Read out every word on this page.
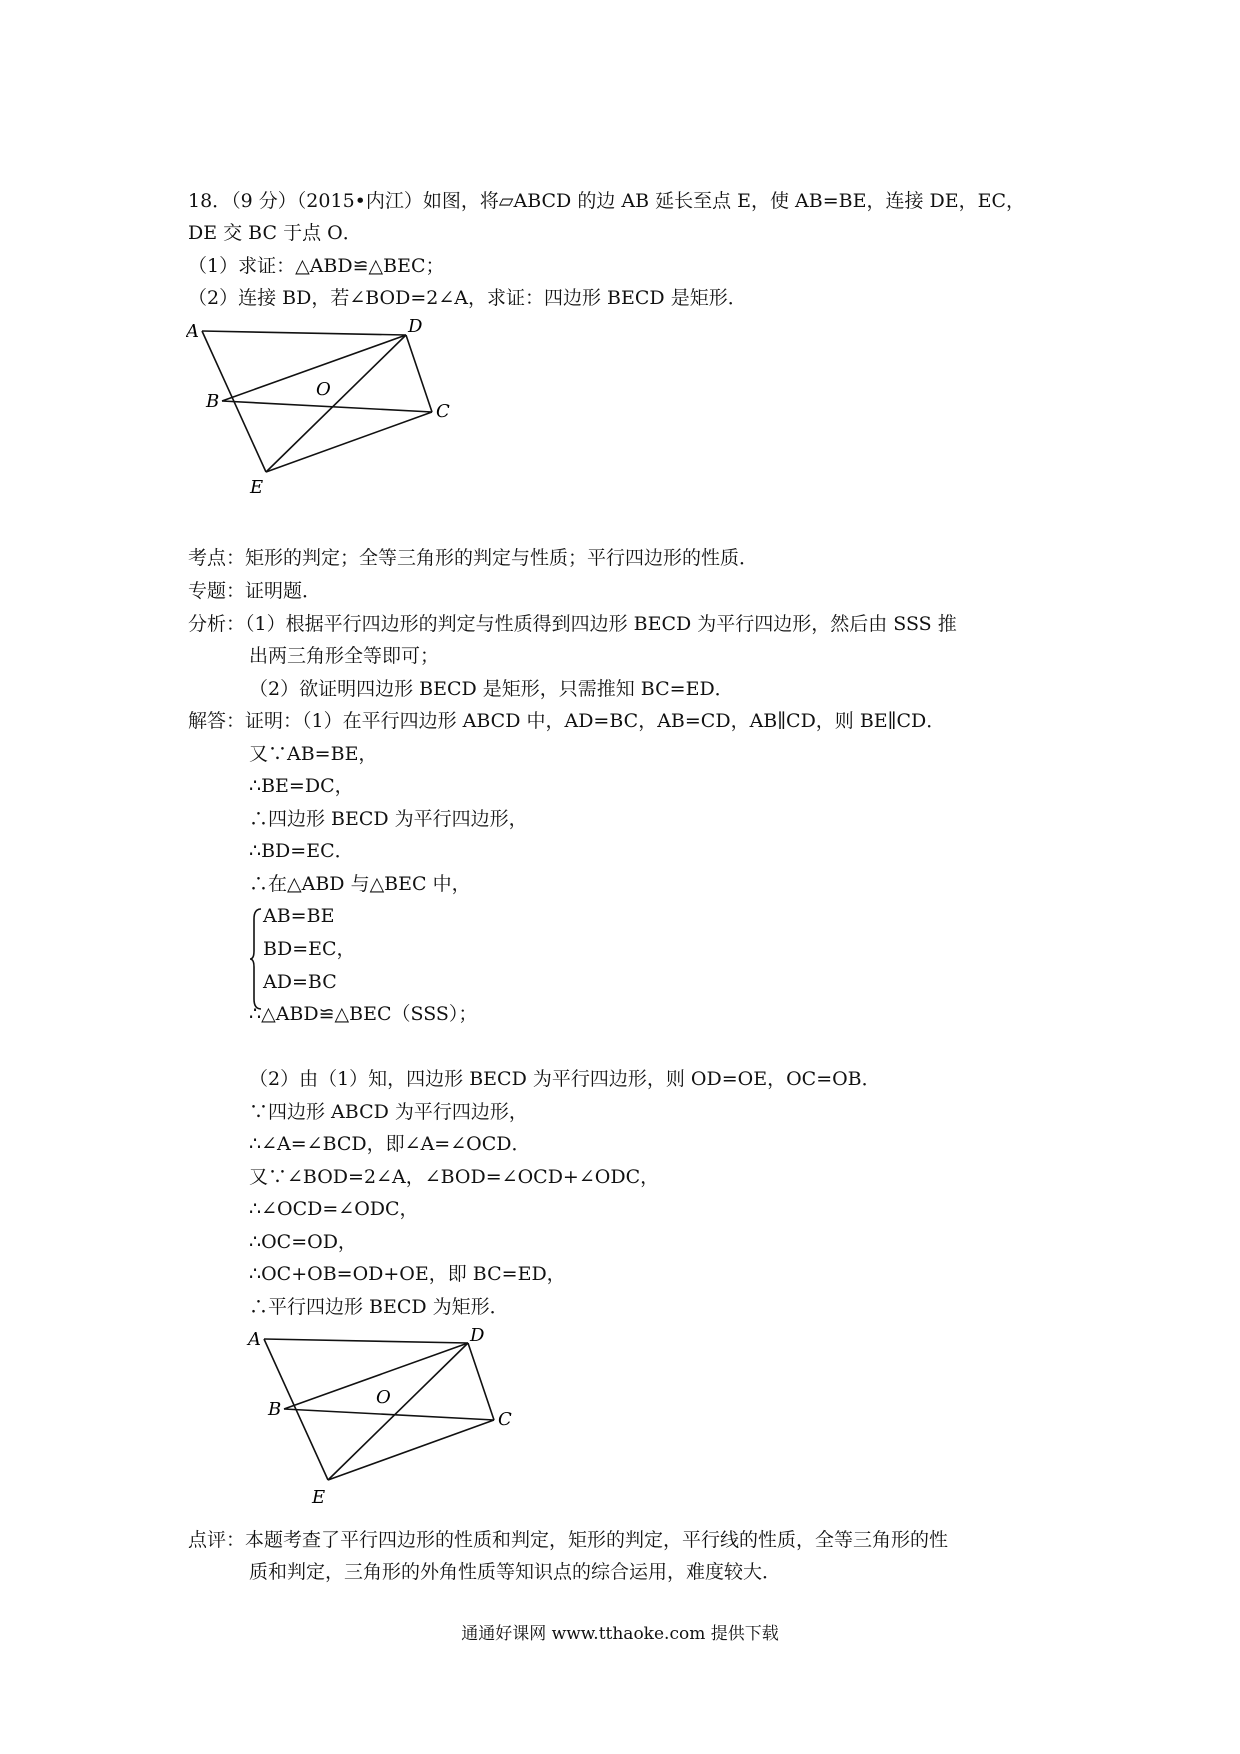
18．（9 分）（2015•内江）如图，将▱ABCD 的边 AB 延长至点 E，使 AB=BE，连接 DE，EC，
DE 交 BC 于点 O．
（1）求证：△ABD≌△BEC；
（2）连接 BD，若∠BOD=2∠A，求证：四边形 BECD 是矩形．
A	D
B
O
C
E
考点：矩形的判定；全等三角形的判定与性质；平行四边形的性质．
专题：证明题．
分析：（1）根据平行四边形的判定与性质得到四边形 BECD 为平行四边形，然后由 SSS 推
出两三角形全等即可；
（2）欲证明四边形 BECD 是矩形，只需推知 BC=ED．
解答：证明：（1）在平行四边形 ABCD 中，AD=BC，AB=CD，AB∥CD，则 BE∥CD．
又∵AB=BE，
∴BE=DC，
∴四边形 BECD 为平行四边形，
∴BD=EC．
∴在△ABD 与△BEC 中，
AB=BE
BD=EC，
AD=BC
∴△ABD≌△BEC（SSS）；
（2）由（1）知，四边形 BECD 为平行四边形，则 OD=OE，OC=OB．
∵四边形 ABCD 为平行四边形，
∴∠A=∠BCD，即∠A=∠OCD．
又∵∠BOD=2∠A，∠BOD=∠OCD+∠ODC，
∴∠OCD=∠ODC，
∴OC=OD，
∴OC+OB=OD+OE，即 BC=ED，
∴平行四边形 BECD 为矩形．
A	D
B
O
C
E
点评：本题考查了平行四边形的性质和判定，矩形的判定，平行线的性质，全等三角形的性
质和判定，三角形的外角性质等知识点的综合运用，难度较大．
通通好课网 www.tthaoke.com 提供下载
